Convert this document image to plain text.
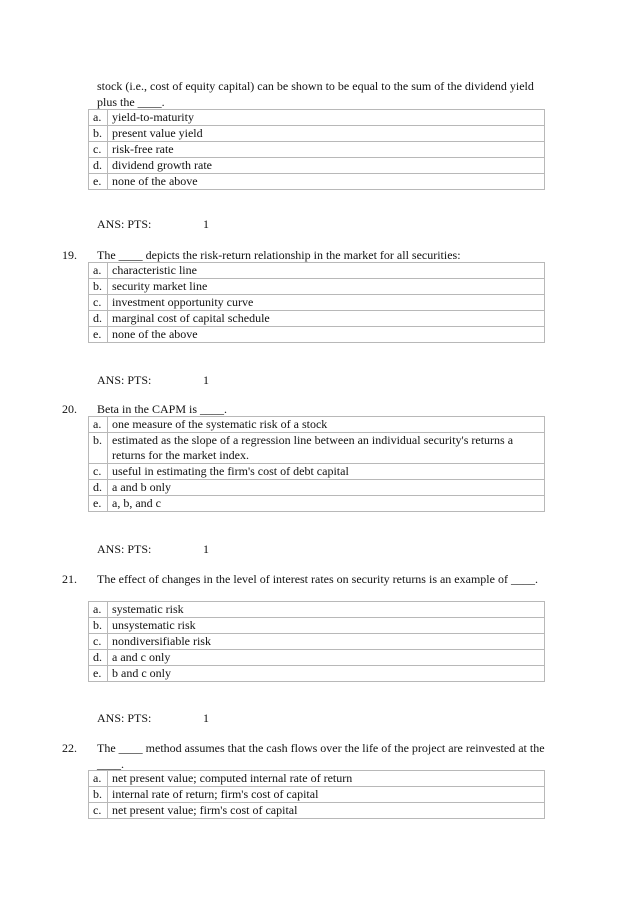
stock (i.e., cost of equity capital) can be shown to be equal to the sum of the dividend yield plus the ____.
a.	yield-to-maturity
b.	present value yield
c.	risk-free rate
d.	dividend growth rate
e.	none of the above
ANS: PTS:	1
19. The ____ depicts the risk-return relationship in the market for all securities:
a.	characteristic line
b.	security market line
c.	investment opportunity curve
d.	marginal cost of capital schedule
e.	none of the above
ANS: PTS:	1
20. Beta in the CAPM is ____.
a.	one measure of the systematic risk of a stock
b.	estimated as the slope of a regression line between an individual security's returns a returns for the market index.
c.	useful in estimating the firm's cost of debt capital
d.	a and b only
e.	a, b, and c
ANS: PTS:	1
21. The effect of changes in the level of interest rates on security returns is an example of ____.
a.	systematic risk
b.	unsystematic risk
c.	nondiversifiable risk
d.	a and c only
e.	b and c only
ANS: PTS:	1
22. The ____ method assumes that the cash flows over the life of the project are reinvested at the ____.
a.	net present value; computed internal rate of return
b.	internal rate of return; firm's cost of capital
c.	net present value; firm's cost of capital
